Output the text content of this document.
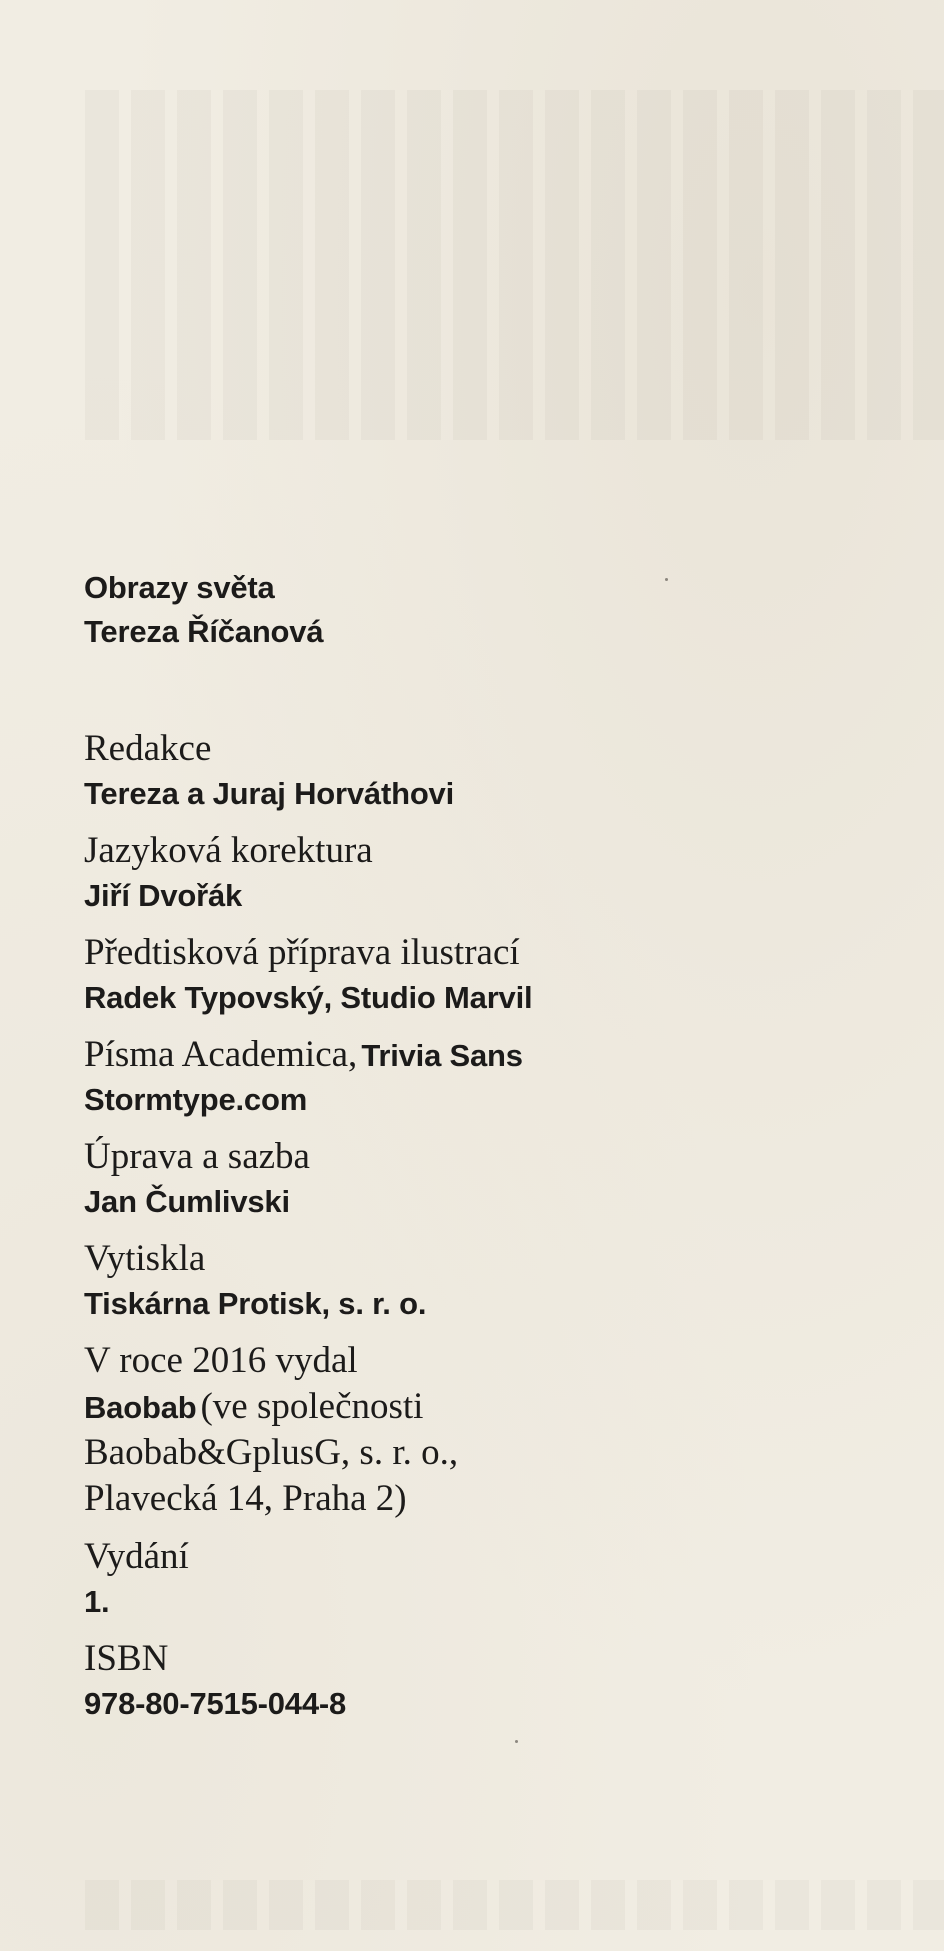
Obrazy světa
Tereza Říčanová
Redakce
Tereza a Juraj Horváthovi
Jazyková korektura
Jiří Dvořák
Předtisková příprava ilustrací
Radek Typovský, Studio Marvil
Písma Academica, Trivia Sans
Stormtype.com
Úprava a sazba
Jan Čumlivski
Vytiskla
Tiskárna Protisk, s. r. o.
V roce 2016 vydal
Baobab (ve společnosti
Baobab&GplusG, s. r. o.,
Plavecká 14, Praha 2)
Vydání
1.
ISBN
978-80-7515-044-8
